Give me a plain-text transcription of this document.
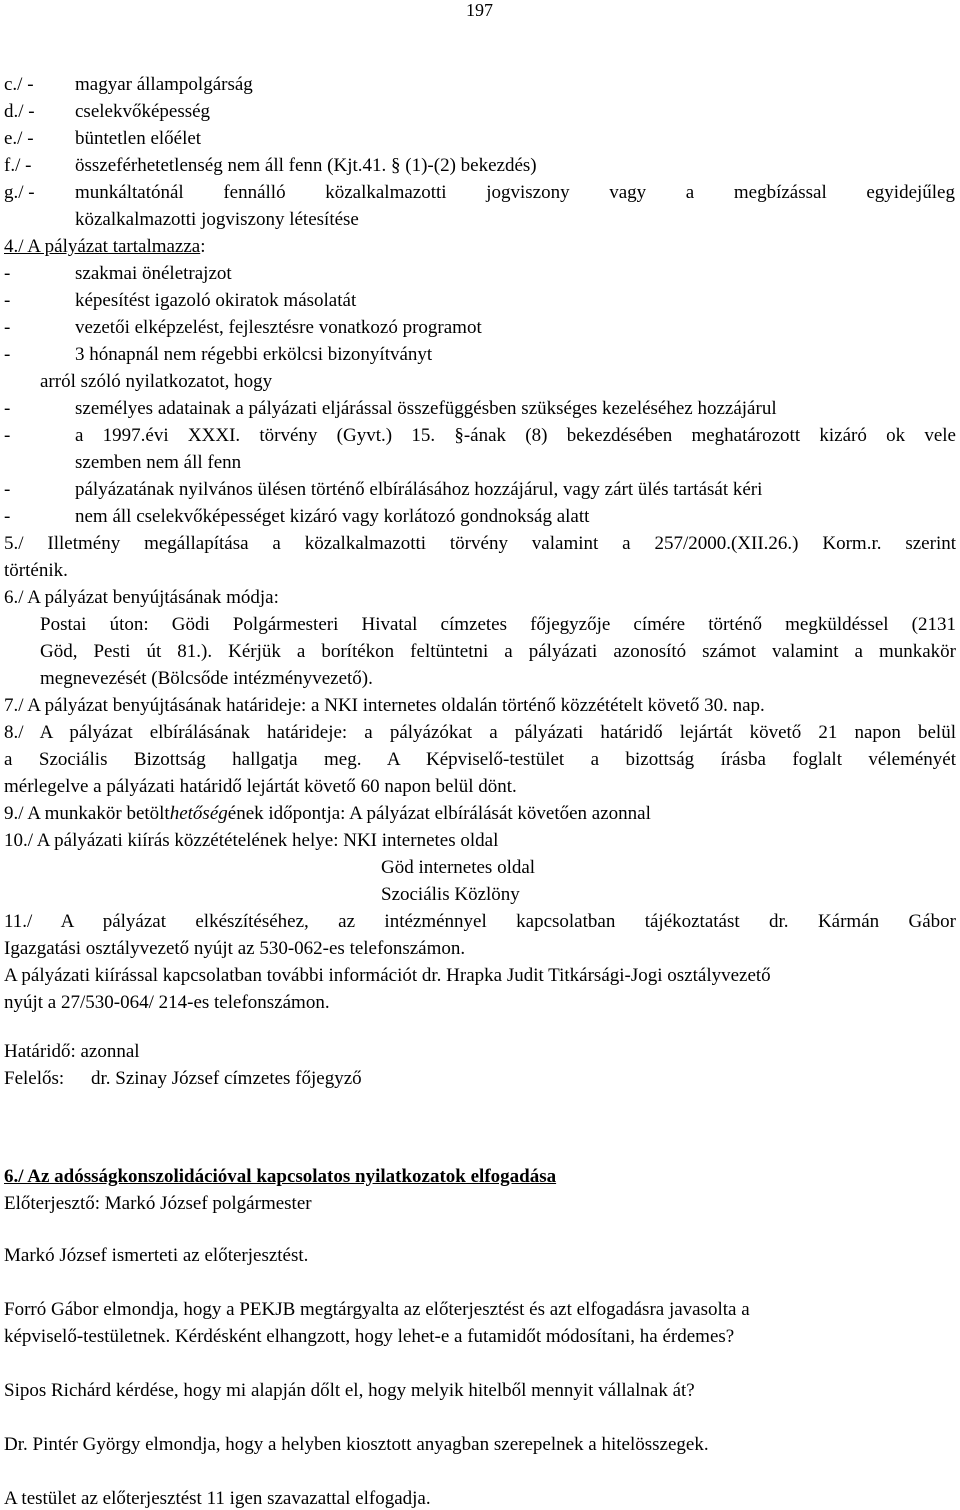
197
c./ - magyar állampolgárság
d./ - cselekvőképesség
e./ - büntetlen előélet
f./ - összeférhetetlenség nem áll fenn (Kjt.41. § (1)-(2) bekezdés)
g./ - munkáltatónál fennálló közalkalmazotti jogviszony vagy a megbízással egyidejűleg
közalkalmazotti jogviszony létesítése
4./ A pályázat tartalmazza:
-	szakmai önéletrajzot
-	képesítést igazoló okiratok másolatát
-	vezetői elképzelést, fejlesztésre vonatkozó programot
-	3 hónapnál nem régebbi erkölcsi bizonyítványt
arról szóló nyilatkozatot, hogy
-	személyes adatainak a pályázati eljárással összefüggésben szükséges kezeléséhez hozzájárul
-	a 1997.évi XXXI. törvény (Gyvt.) 15. §-ának (8) bekezdésében meghatározott kizáró ok vele
szemben nem áll fenn
-	pályázatának nyilvános ülésen történő elbírálásához hozzájárul, vagy zárt ülés tartását kéri
-	nem áll cselekvőképességet kizáró vagy korlátozó gondnokság alatt
5./ Illetmény megállapítása a közalkalmazotti törvény valamint a 257/2000.(XII.26.) Korm.r. szerint
történik.
6./ A pályázat benyújtásának módja:
Postai úton: Gödi Polgármesteri Hivatal címzetes főjegyzője címére történő megküldéssel (2131
Göd, Pesti út 81.). Kérjük a borítékon feltüntetni a pályázati azonosító számot valamint a munkakör
megnevezését (Bölcsőde intézményvezető).
7./ A pályázat benyújtásának határideje: a NKI internetes oldalán történő közzétételt követő 30. nap.
8./ A pályázat elbírálásának határideje: a pályázókat a pályázati határidő lejártát követő 21 napon belül
a Szociális Bizottság hallgatja meg. A Képviselő-testület a bizottság írásba foglalt véleményét
mérlegelve a pályázati határidő lejártát követő 60 napon belül dönt.
9./ A munkakör betölthetőségének időpontja: A pályázat elbírálását követően azonnal
10./ A pályázati kiírás közzétételének helye: NKI internetes oldal
Göd internetes oldal
Szociális Közlöny
11./ A pályázat elkészítéséhez, az intézménnyel kapcsolatban tájékoztatást dr. Kármán Gábor
Igazgatási osztályvezető nyújt az 530-062-es telefonszámon.
A pályázati kiírással kapcsolatban további információt dr. Hrapka Judit Titkársági-Jogi osztályvezető
nyújt a 27/530-064/ 214-es telefonszámon.
Határidő: azonnal
Felelős: dr. Szinay József címzetes főjegyző
6./ Az adósságkonszolidációval kapcsolatos nyilatkozatok elfogadása
Előterjesztő: Markó József polgármester
Markó József ismerteti az előterjesztést.
Forró Gábor elmondja, hogy a PEKJB megtárgyalta az előterjesztést és azt elfogadásra javasolta a
képviselő-testületnek. Kérdésként elhangzott, hogy lehet-e a futamidőt módosítani, ha érdemes?
Sipos Richárd kérdése, hogy mi alapján dőlt el, hogy melyik hitelből mennyit vállalnak át?
Dr. Pintér György elmondja, hogy a helyben kiosztott anyagban szerepelnek a hitelösszegek.
A testület az előterjesztést 11 igen szavazattal elfogadja.
